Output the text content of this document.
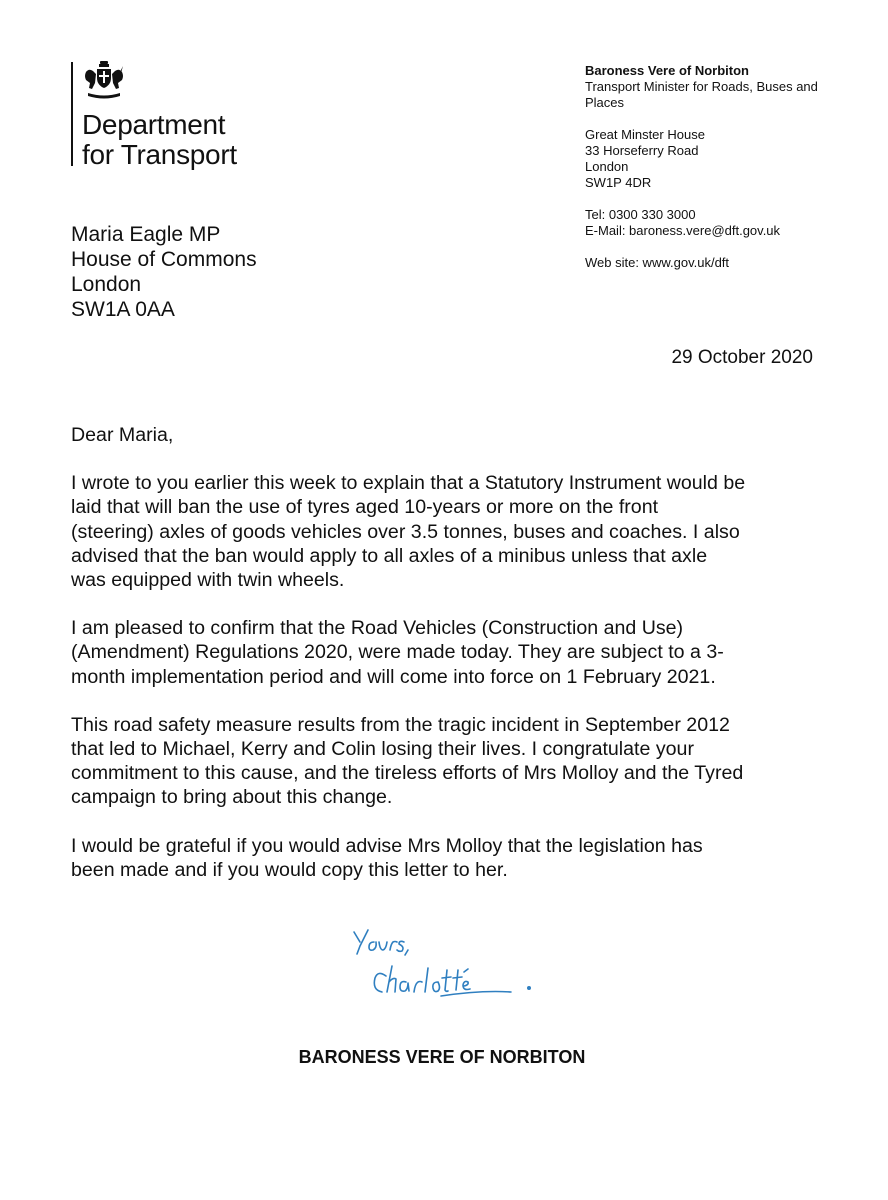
Department
for Transport
Baroness Vere of Norbiton
Transport Minister for Roads, Buses and
Places
Great Minster House
33 Horseferry Road
London
SW1P 4DR
Tel: 0300 330 3000
E-Mail: baroness.vere@dft.gov.uk
Web site: www.gov.uk/dft
Maria Eagle MP
House of Commons
London
SW1A 0AA
29 October 2020

Dear Maria,

I wrote to you earlier this week to explain that a Statutory Instrument would be
laid that will ban the use of tyres aged 10-years or more on the front
(steering) axles of goods vehicles over 3.5 tonnes, buses and coaches. I also
advised that the ban would apply to all axles of a minibus unless that axle
was equipped with twin wheels.

I am pleased to confirm that the Road Vehicles (Construction and Use)
(Amendment) Regulations 2020, were made today. They are subject to a 3-
month implementation period and will come into force on 1 February 2021.

This road safety measure results from the tragic incident in September 2012
that led to Michael, Kerry and Colin losing their lives. I congratulate your
commitment to this cause, and the tireless efforts of Mrs Molloy and the Tyred
campaign to bring about this change.

I would be grateful if you would advise Mrs Molloy that the legislation has
been made and if you would copy this letter to her.

BARONESS VERE OF NORBITON
